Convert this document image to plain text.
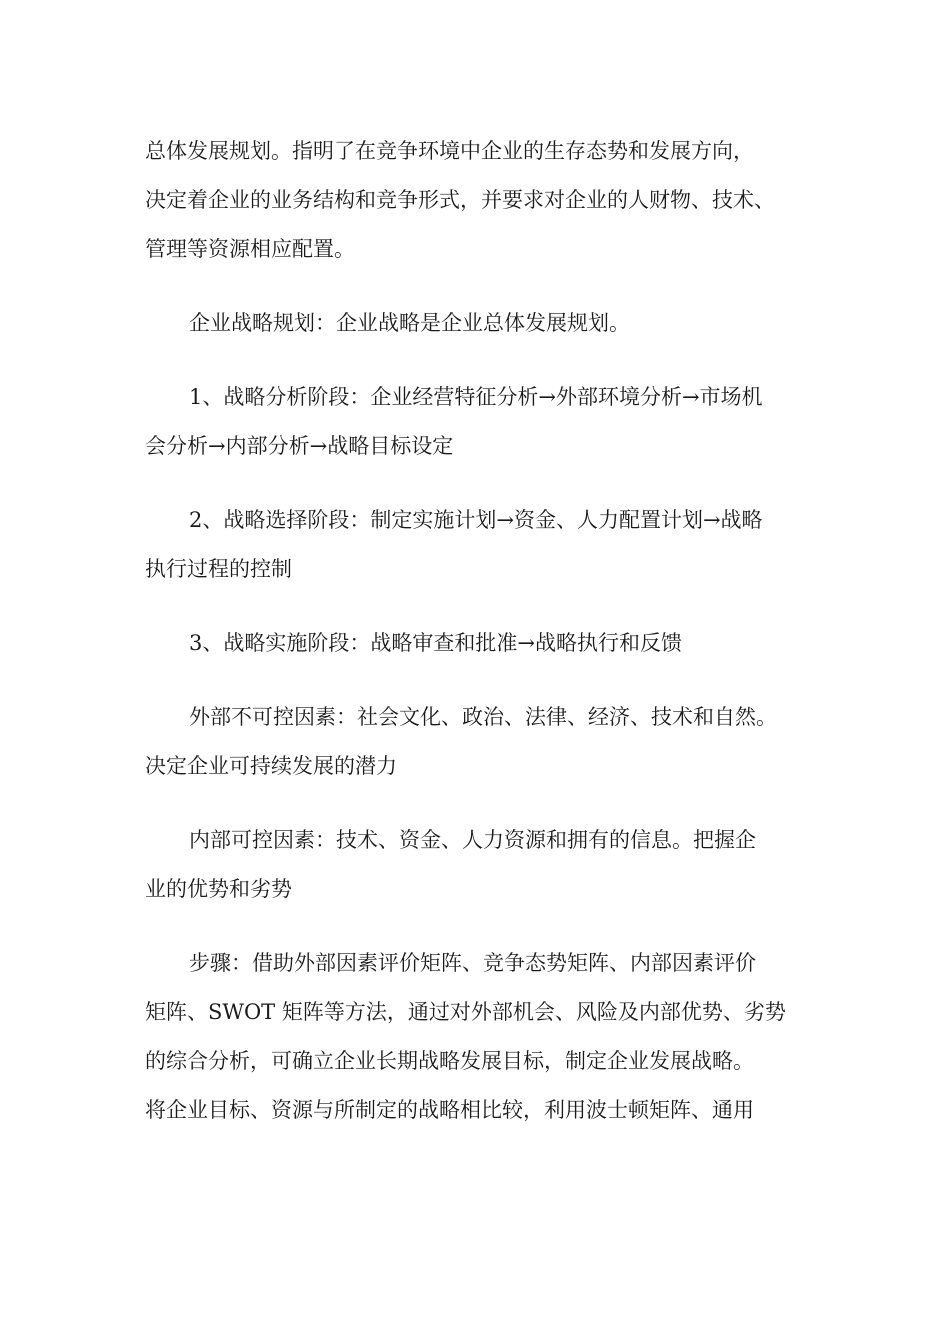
总体发展规划。指明了在竞争环境中企业的生存态势和发展方向，
决定着企业的业务结构和竞争形式，并要求对企业的人财物、技术、
管理等资源相应配置。

企业战略规划：企业战略是企业总体发展规划。

1、战略分析阶段：企业经营特征分析→外部环境分析→市场机
会分析→内部分析→战略目标设定

2、战略选择阶段：制定实施计划→资金、人力配置计划→战略
执行过程的控制

3、战略实施阶段：战略审查和批准→战略执行和反馈

外部不可控因素：社会文化、政治、法律、经济、技术和自然。
决定企业可持续发展的潜力

内部可控因素：技术、资金、人力资源和拥有的信息。把握企
业的优势和劣势

步骤：借助外部因素评价矩阵、竞争态势矩阵、内部因素评价
矩阵、SWOT 矩阵等方法，通过对外部机会、风险及内部优势、劣势
的综合分析，可确立企业长期战略发展目标，制定企业发展战略。
将企业目标、资源与所制定的战略相比较，利用波士顿矩阵、通用
